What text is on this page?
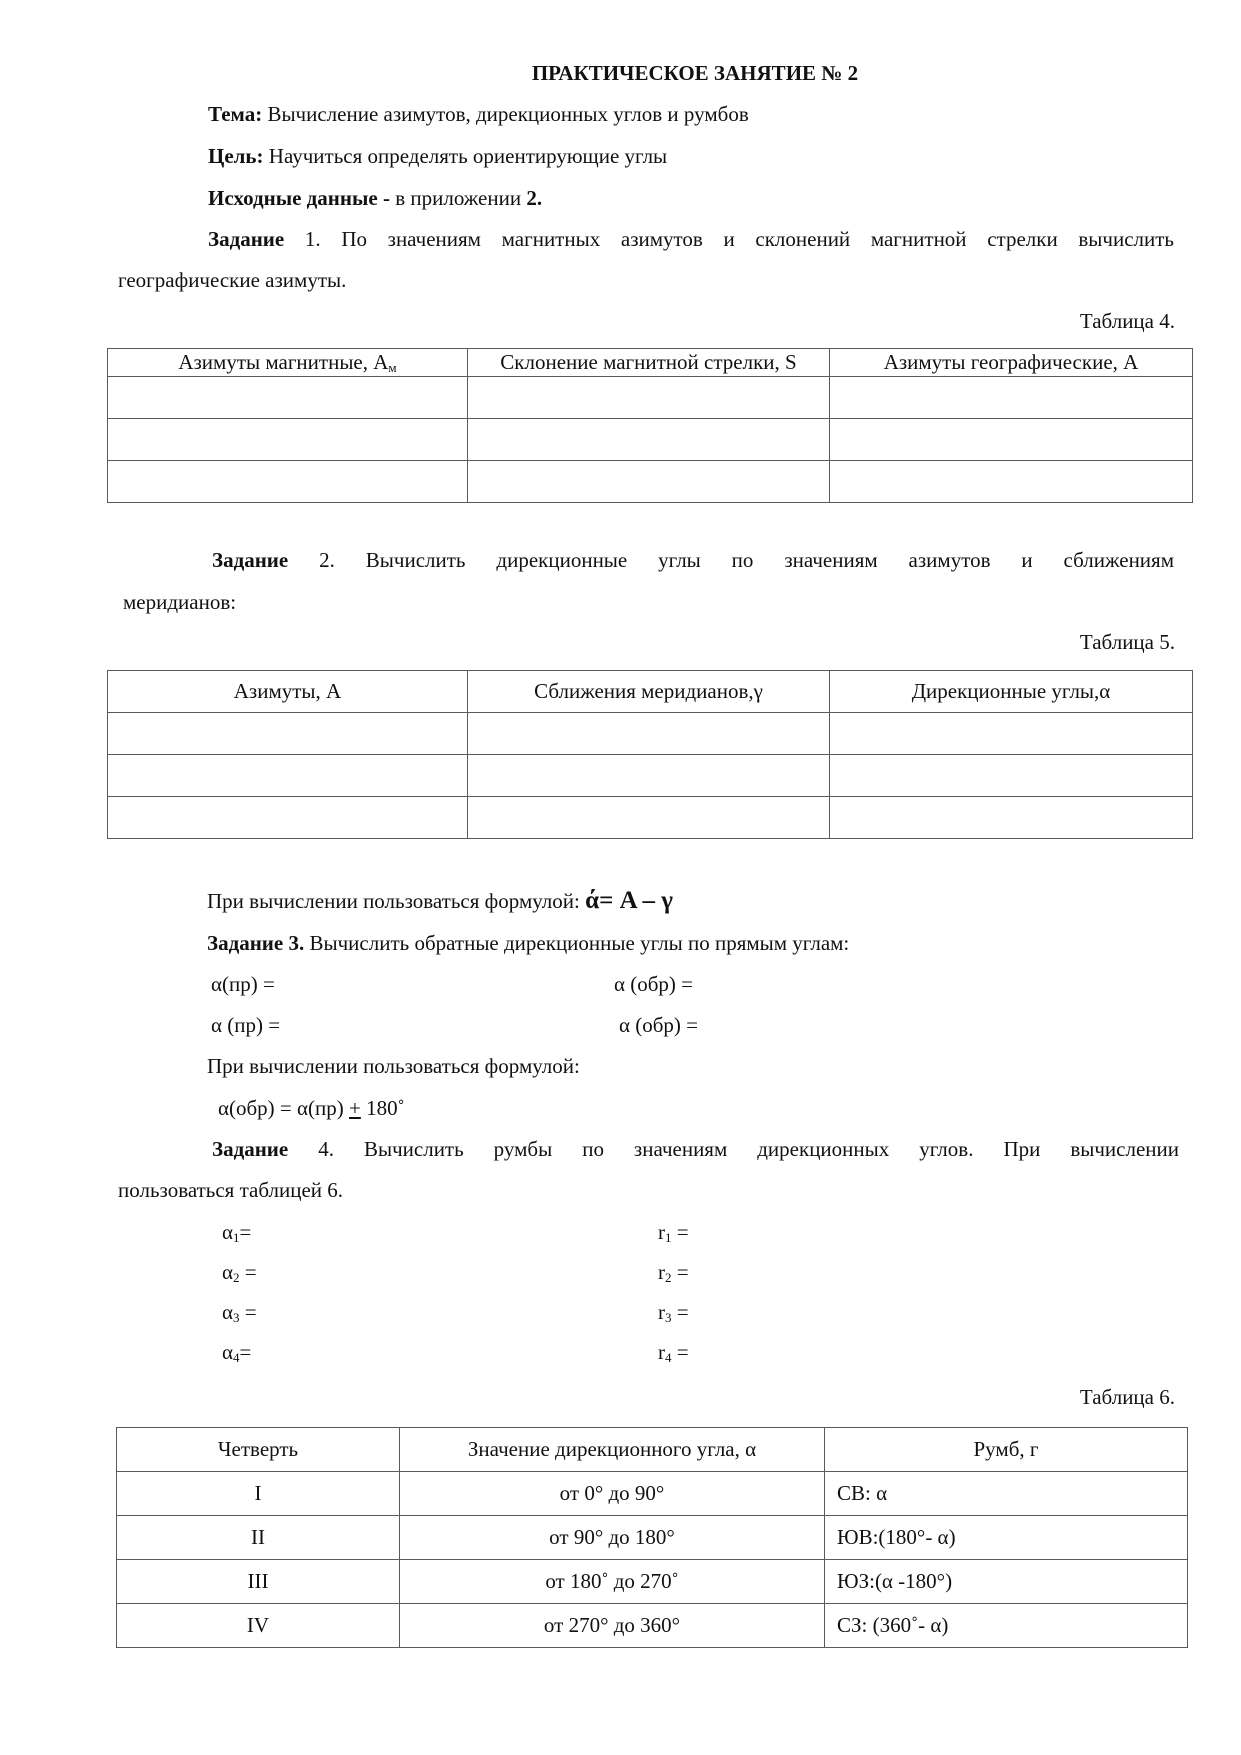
ПРАКТИЧЕСКОЕ ЗАНЯТИЕ № 2
Тема: Вычисление азимутов, дирекционных углов и румбов
Цель: Научиться определять ориентирующие углы
Исходные данные - в приложении 2.
Задание 1. По значениям магнитных азимутов и склонений магнитной стрелки вычислить
географические азимуты.
Таблица 4.
Азимуты магнитные, $А_м$	Склонение магнитной стрелки, S	Азимуты географические, А

Задание 2. Вычислить дирекционные углы по значениям азимутов и сближениям
меридианов:
Таблица 5.
Азимуты, А	Сближения меридианов,γ	Дирекционные углы,α

При вычислении пользоваться формулой: ά= A – γ
Задание 3. Вычислить обратные дирекционные углы по прямым углам:
α(пр) =	α (обр) =
α (пр) =	α (обр) =
При вычислении пользоваться формулой:
α(обр) = α(пр) + 180˚
Задание 4. Вычислить румбы по значениям дирекционных углов. При вычислении
пользоваться таблицей 6.
$\alpha_1=$	$r_1$ =
$\alpha_2$ =	$r_2$ =
$\alpha_3$ =	$r_3$ =
$\alpha_4=$	$r_4$ =
Таблица 6.
Четверть	Значение дирекционного угла, α	Румб, г
I	от 0° до 90°	СВ: α
II	от 90° до 180°	ЮВ:(180°- α)
III	от 180˚ до 270˚	ЮЗ:(α -180°)
IV	от 270° до 360°	СЗ: (360˚- α)
